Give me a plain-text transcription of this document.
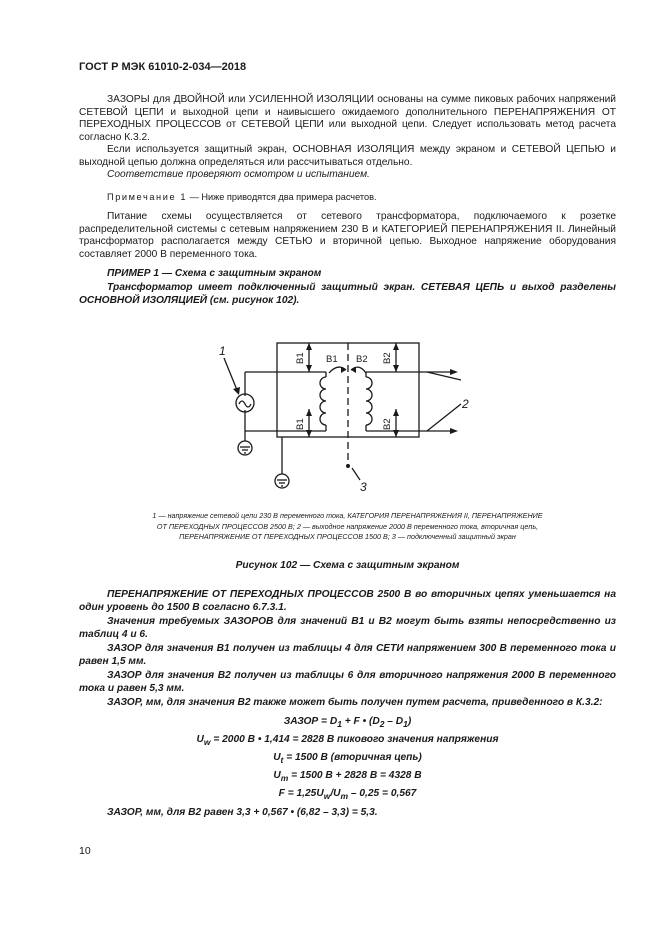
ГОСТ Р МЭК 61010-2-034—2018

ЗАЗОРЫ для ДВОЙНОЙ или УСИЛЕННОЙ ИЗОЛЯЦИИ основаны на сумме пиковых рабочих напряжений СЕТЕВОЙ ЦЕПИ и выходной цепи и наивысшего ожидаемого дополнительного ПЕРЕНАПРЯЖЕНИЯ ОТ ПЕРЕХОДНЫХ ПРОЦЕССОВ от СЕТЕВОЙ ЦЕПИ или выходной цепи. Следует использовать метод расчета согласно К.3.2.

Если используется защитный экран, ОСНОВНАЯ ИЗОЛЯЦИЯ между экраном и СЕТЕВОЙ ЦЕПЬЮ и выходной цепью должна определяться или рассчитываться отдельно.

Соответствие проверяют осмотром и испытанием.

Примечание 1 — Ниже приводятся два примера расчетов.

Питание схемы осуществляется от сетевого трансформатора, подключаемого к розетке распределительной системы с сетевым напряжением 230 В и КАТЕГОРИЕЙ ПЕРЕНАПРЯЖЕНИЯ II. Линейный трансформатор располагается между СЕТЬЮ и вторичной цепью. Выходное напряжение оборудования составляет 2000 В переменного тока.

ПРИМЕР 1 — Схема с защитным экраном

Трансформатор имеет подключенный защитный экран. СЕТЕВАЯ ЦЕПЬ и выход разделены ОСНОВНОЙ ИЗОЛЯЦИЕЙ (см. рисунок 102).

B1
B1
B2
B2
B1 B2
1
2
3
1 — напряжение сетевой цепи 230 В переменного тока, КАТЕГОРИЯ ПЕРЕНАПРЯЖЕНИЯ II, ПЕРЕНАПРЯЖЕНИЕ
ОТ ПЕРЕХОДНЫХ ПРОЦЕССОВ 2500 В; 2 — выходное напряжение 2000 В переменного тока, вторичная цепь,
ПЕРЕНАПРЯЖЕНИЕ ОТ ПЕРЕХОДНЫХ ПРОЦЕССОВ 1500 В; 3 — подключенный защитный экран
Рисунок 102 — Схема с защитным экраном

ПЕРЕНАПРЯЖЕНИЕ ОТ ПЕРЕХОДНЫХ ПРОЦЕССОВ 2500 В во вторичных цепях уменьшается на один уровень до 1500 В согласно 6.7.3.1.

Значения требуемых ЗАЗОРОВ для значений В1 и В2 могут быть взяты непосредственно из таблиц 4 и 6.

ЗАЗОР для значения В1 получен из таблицы 4 для СЕТИ напряжением 300 В переменного тока и равен 1,5 мм.

ЗАЗОР для значения В2 получен из таблицы 6 для вторичного напряжения 2000 В переменного тока и равен 5,3 мм.

ЗАЗОР, мм, для значения В2 также может быть получен путем расчета, приведенного в К.3.2:

ЗАЗОР = $D_1 + F$ • $(D_2 - D_1)$
$U_w = 2000$ В • 1,414 = 2828 В пикового значения напряжения
$U_t = 1500$ В (вторичная цепь)
$U_m = 1500$ В + 2828 В = 4328 В
$F = 1,25U_w/U_m - 0,25 = 0,567$

ЗАЗОР, мм, для В2 равен 3,3 + 0,567 • (6,82 – 3,3) = 5,3.

10
